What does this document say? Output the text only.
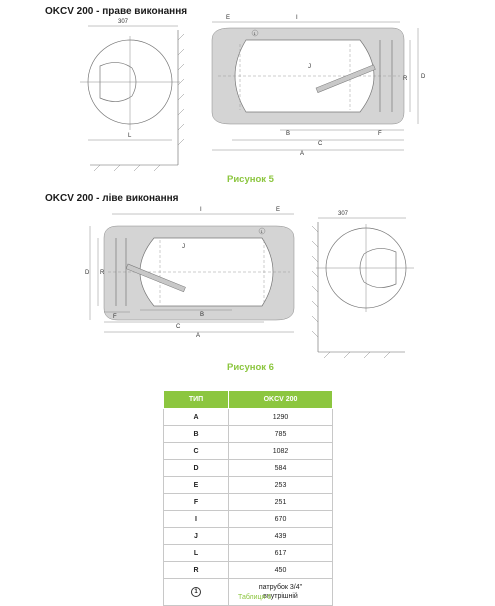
OKCV 200 - праве виконання
307
L
E	I
1
J
R D
B	F
C
A
Рисунок 5
OKCV 200 - ліве виконання
I	E
1
J
D R
F	B
C
A
307
Рисунок 6
ТИП	OKCV 200
A	1290
B	785
C	1082
D	584
E	253
F	251
I	670
J	439
L	617
R	450
1	патрубок 3/4"
внутрішній
Таблиця 6
